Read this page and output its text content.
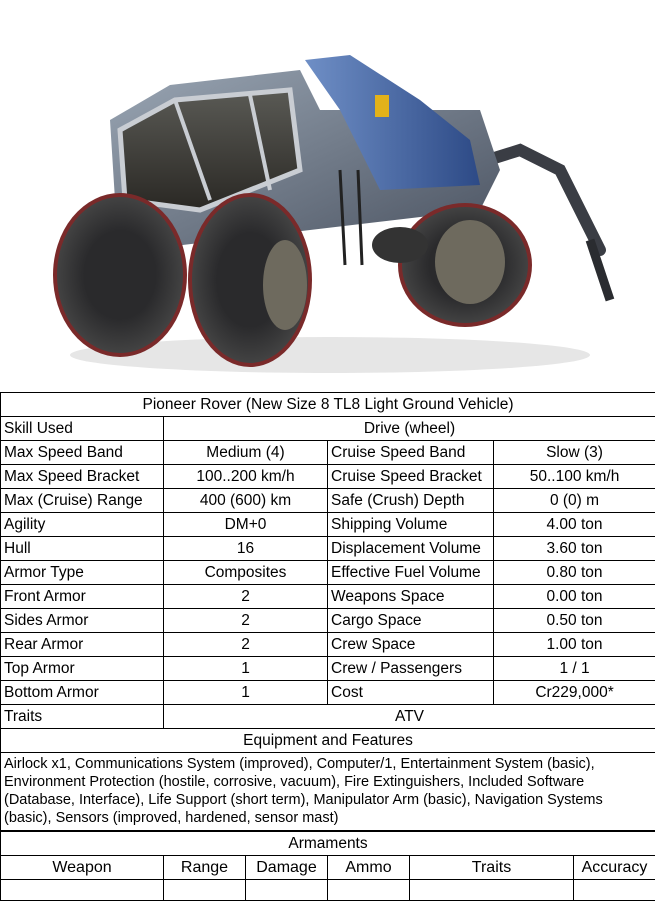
Pioneer Rover (New Size 8 TL8 Light Ground Vehicle)			
Skill Used	Drive (wheel)		
Max Speed Band	Medium (4)	Cruise Speed Band	Slow (3)
Max Speed Bracket	100..200 km/h	Cruise Speed Bracket	50..100 km/h
Max (Cruise) Range	400 (600) km	Safe (Crush) Depth	0 (0) m
Agility	DM+0	Shipping Volume	4.00 ton
Hull	16	Displacement Volume	3.60 ton
Armor Type	Composites	Effective Fuel Volume	0.80 ton
Front Armor	2	Weapons Space	0.00 ton
Sides Armor	2	Cargo Space	0.50 ton
Rear Armor	2	Crew Space	1.00 ton
Top Armor	1	Crew / Passengers	1 / 1
Bottom Armor	1	Cost	Cr229,000*
Traits	ATV		
Equipment and Features			
Airlock x1, Communications System (improved), Computer/1, Entertainment System (basic), Environment Protection (hostile, corrosive, vacuum), Fire Extinguishers, Included Software (Database, Interface), Life Support (short term), Manipulator Arm (basic), Navigation Systems (basic), Sensors (improved, hardened, sensor mast)			
Armaments					
Weapon	Range	Damage	Ammo	Traits	Accuracy
